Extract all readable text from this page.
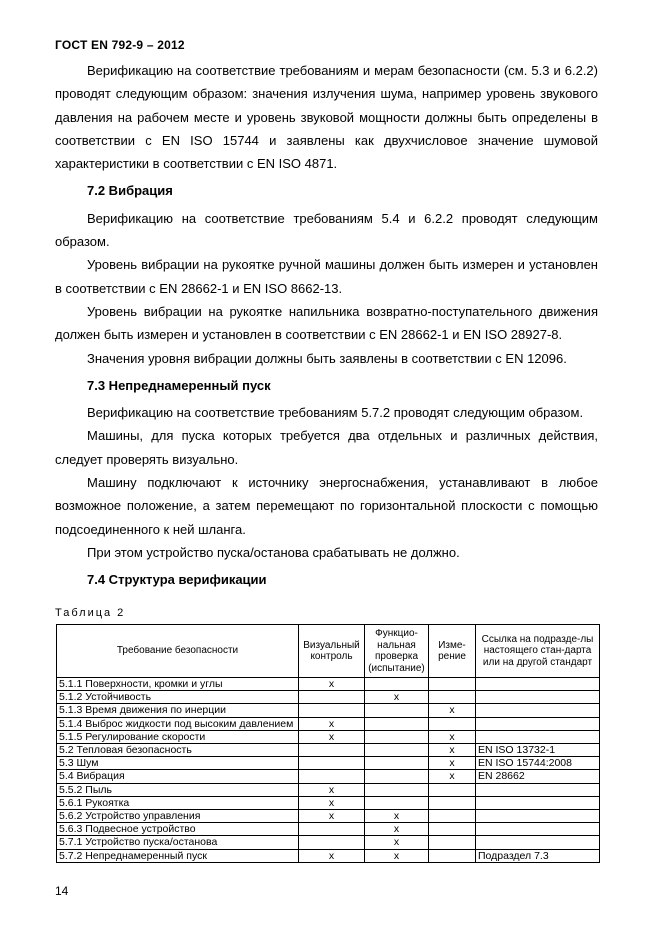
ГОСТ EN 792-9 – 2012

Верификацию на соответствие требованиям и мерам безопасности (см. 5.3 и 6.2.2) проводят следующим образом: значения излучения шума, например уровень звукового давления на рабочем месте и уровень звуковой мощности должны быть определены в соответствии с EN ISO 15744 и заявлены как двухчисловое значение шумовой характеристики в соответствии с EN ISO 4871.

7.2 Вибрация

Верификацию на соответствие требованиям 5.4 и 6.2.2 проводят следующим образом.

Уровень вибрации на рукоятке ручной машины должен быть измерен и установлен в соответствии с EN 28662-1 и EN ISO 8662-13.

Уровень вибрации на рукоятке напильника возвратно-поступательного движения должен быть измерен и установлен в соответствии с EN 28662-1 и EN ISO 28927-8.

Значения уровня вибрации должны быть заявлены в соответствии с EN 12096.

7.3 Непреднамеренный пуск

Верификацию на соответствие требованиям 5.7.2 проводят следующим образом.

Машины, для пуска которых требуется два отдельных и различных действия, следует проверять визуально.

Машину подключают к источнику энергоснабжения, устанавливают в любое возможное положение, а затем перемещают по горизонтальной плоскости с помощью подсоединенного к ней шланга.

При этом устройство пуска/останова срабатывать не должно.

7.4 Структура верификации
Таблица 2
Требование безопасности	Визуальный контроль	Функцио-нальная проверка (испытание)	Изме-рение	Ссылка на подразде-лы настоящего стан-дарта или на другой стандарт
5.1.1 Поверхности, кромки и углы	x			
5.1.2 Устойчивость		x		
5.1.3 Время движения по инерции			x	
5.1.4 Выброс жидкости под высоким давлением	x			
5.1.5 Регулирование скорости	x		x	
5.2 Тепловая безопасность			x	EN ISO 13732-1
5.3 Шум			x	EN ISO 15744:2008
5.4 Вибрация			x	EN 28662
5.5.2 Пыль	x			
5.6.1 Рукоятка	x			
5.6.2 Устройство управления	x	x		
5.6.3 Подвесное устройство		x		
5.7.1 Устройство пуска/останова		x		
5.7.2 Непреднамеренный пуск	x	x		Подраздел 7.3
14
